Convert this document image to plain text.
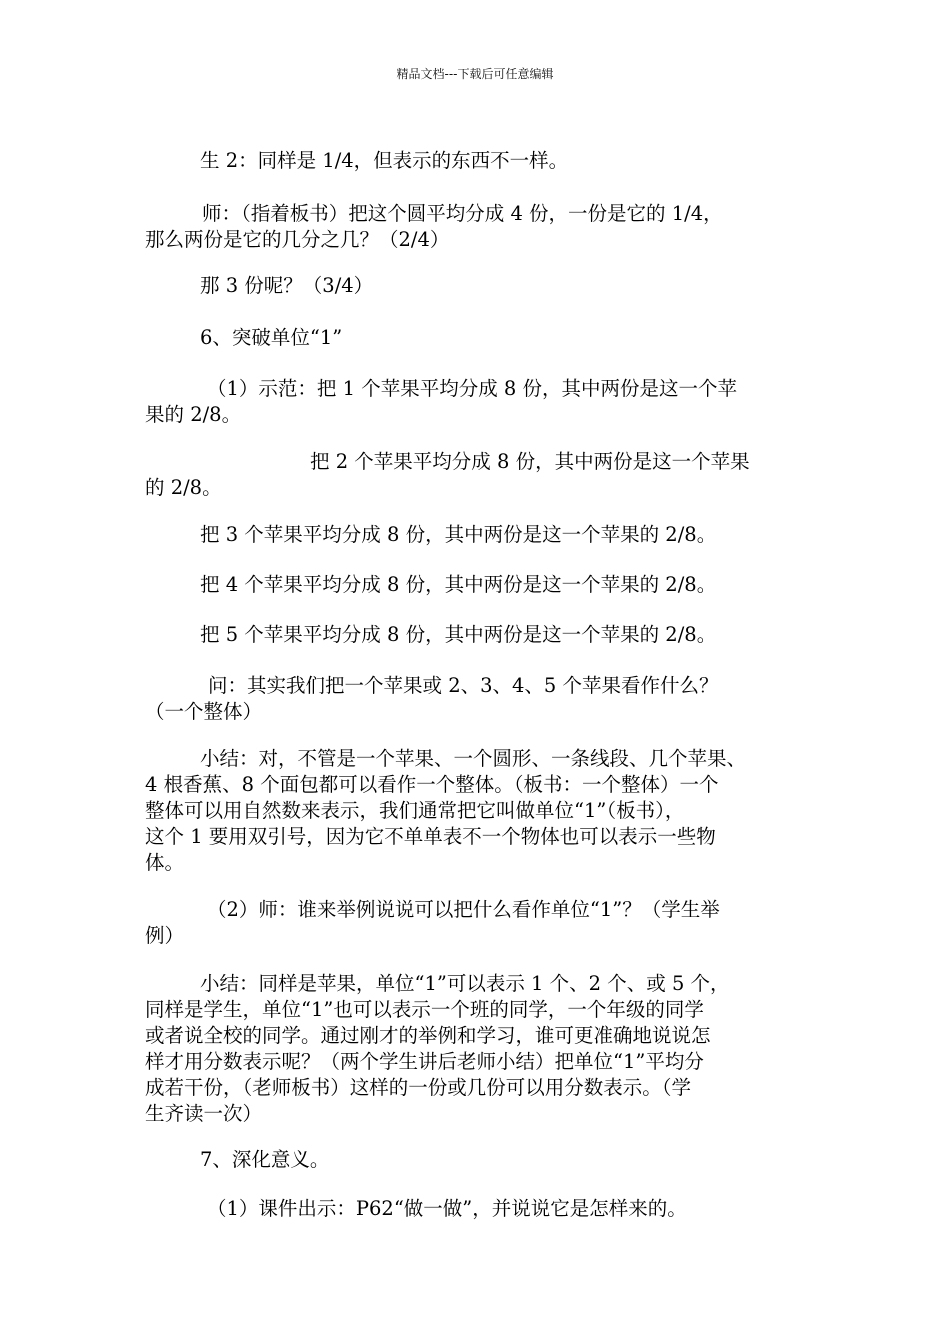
精品文档---下载后可任意编辑
生 2：同样是 1/4，但表示的东西不一样。
师：（指着板书）把这个圆平均分成 4 份，一份是它的 1/4，
那么两份是它的几分之几？（2/4）
那 3 份呢？（3/4）
6、突破单位“1”
（1）示范：把 1 个苹果平均分成 8 份，其中两份是这一个苹
果的 2/8。
把 2 个苹果平均分成 8 份，其中两份是这一个苹果
的 2/8。
把 3 个苹果平均分成 8 份，其中两份是这一个苹果的 2/8。
把 4 个苹果平均分成 8 份，其中两份是这一个苹果的 2/8。
把 5 个苹果平均分成 8 份，其中两份是这一个苹果的 2/8。
问：其实我们把一个苹果或 2、3、4、5 个苹果看作什么？
（一个整体）
小结：对，不管是一个苹果、一个圆形、一条线段、几个苹果、
4 根香蕉、8 个面包都可以看作一个整体。（板书：一个整体）一个
整体可以用自然数来表示，我们通常把它叫做单位“1”（板书），
这个 1 要用双引号，因为它不单单表不一个物体也可以表示一些物
体。
（2）师：谁来举例说说可以把什么看作单位“1”？（学生举
例）
小结：同样是苹果，单位“1”可以表示 1 个、2 个、或 5 个，
同样是学生，单位“1”也可以表示一个班的同学，一个年级的同学
或者说全校的同学。通过刚才的举例和学习，谁可更准确地说说怎
样才用分数表示呢？（两个学生讲后老师小结）把单位“1”平均分
成若干份，（老师板书）这样的一份或几份可以用分数表示。（学
生齐读一次）
7、深化意义。
（1）课件出示：P62“做一做”，并说说它是怎样来的。
